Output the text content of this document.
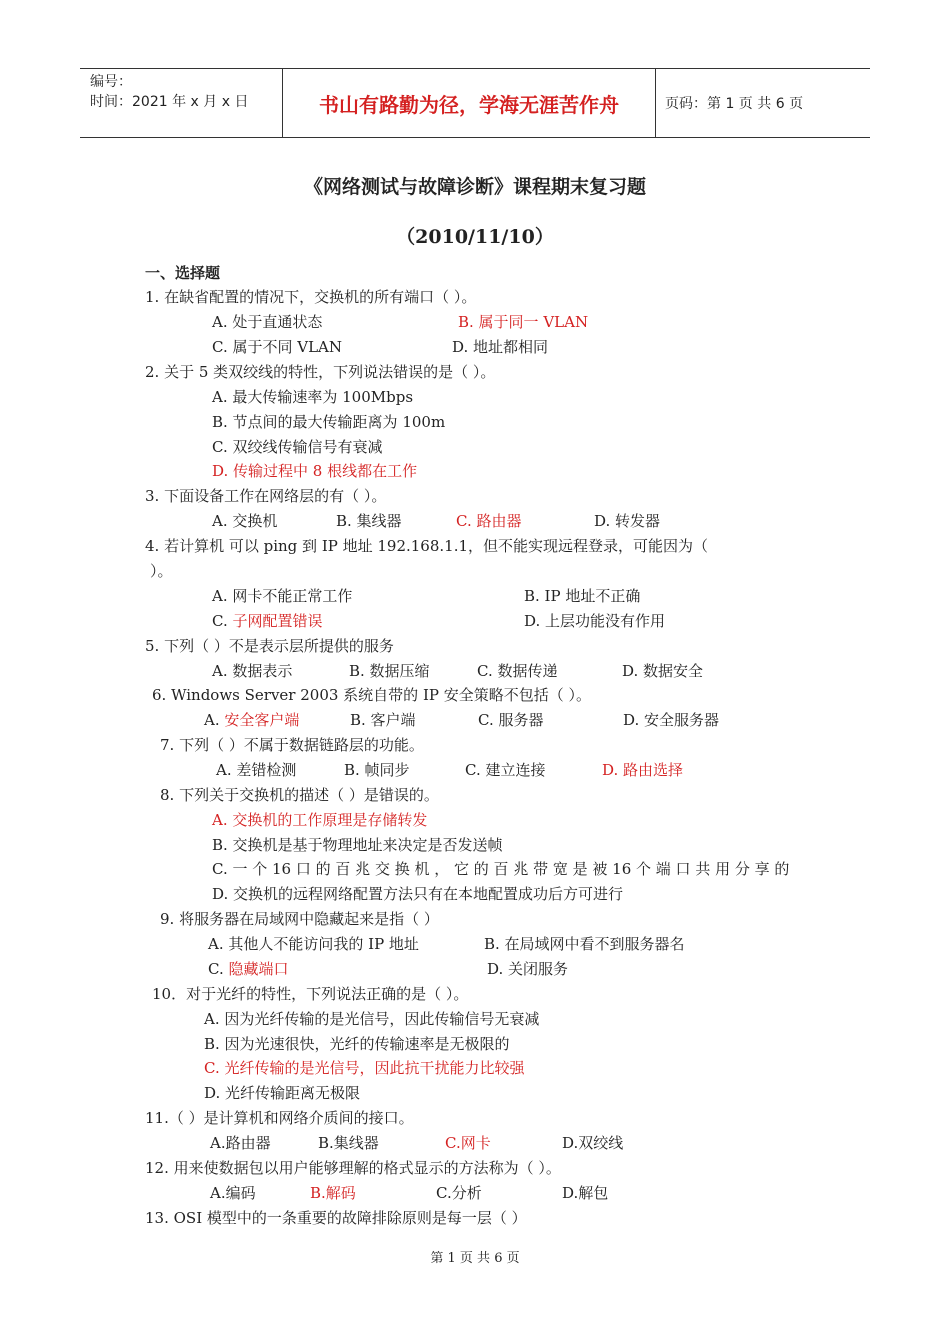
编号：
时间：2021 年 x 月 x 日	书山有路勤为径，学海无涯苦作舟	页码：第 1 页 共 6 页
《网络测试与故障诊断》课程期末复习题
（2010/11/10）
一、选择题
1. 在缺省配置的情况下，交换机的所有端口（ ）。
A. 处于直通状态	B. 属于同一 VLAN
C. 属于不同 VLAN	D. 地址都相同
2. 关于 5 类双绞线的特性，下列说法错误的是（ ）。
A. 最大传输速率为 100Mbps
B. 节点间的最大传输距离为 100m
C. 双绞线传输信号有衰减
D. 传输过程中 8 根线都在工作
3. 下面设备工作在网络层的有（ ）。
A. 交换机	B. 集线器	C. 路由器	D. 转发器
4. 若计算机 可以 ping 到 IP 地址 192.168.1.1，但不能实现远程登录，可能因为（
）。
A. 网卡不能正常工作	B. IP 地址不正确
C. 子网配置错误	D. 上层功能没有作用
5. 下列（ ）不是表示层所提供的服务
A. 数据表示	B. 数据压缩	C. 数据传递	D. 数据安全
6. Windows Server 2003 系统自带的 IP 安全策略不包括（ ）。
A. 安全客户端	B. 客户端	C. 服务器	D. 安全服务器
7. 下列（ ）不属于数据链路层的功能。
A. 差错检测	B. 帧同步	C. 建立连接	D. 路由选择
8. 下列关于交换机的描述（ ）是错误的。
A. 交换机的工作原理是存储转发
B. 交换机是基于物理地址来决定是否发送帧
C. 一 个 16 口 的 百 兆 交 换 机 ， 它 的 百 兆 带 宽 是 被 16 个 端 口 共 用 分 享 的
D. 交换机的远程网络配置方法只有在本地配置成功后方可进行
9. 将服务器在局域网中隐藏起来是指（ ）
A. 其他人不能访问我的 IP 地址	B. 在局域网中看不到服务器名
C. 隐藏端口	D. 关闭服务
10．对于光纤的特性，下列说法正确的是（ ）。
A. 因为光纤传输的是光信号，因此传输信号无衰减
B. 因为光速很快，光纤的传输速率是无极限的
C. 光纤传输的是光信号，因此抗干扰能力比较强
D. 光纤传输距离无极限
11.（ ）是计算机和网络介质间的接口。
A.路由器	B.集线器	C.网卡	D.双绞线
12. 用来使数据包以用户能够理解的格式显示的方法称为（ ）。
A.编码	B.解码	C.分析	D.解包
13. OSI 模型中的一条重要的故障排除原则是每一层（ ）
第 1 页 共 6 页
